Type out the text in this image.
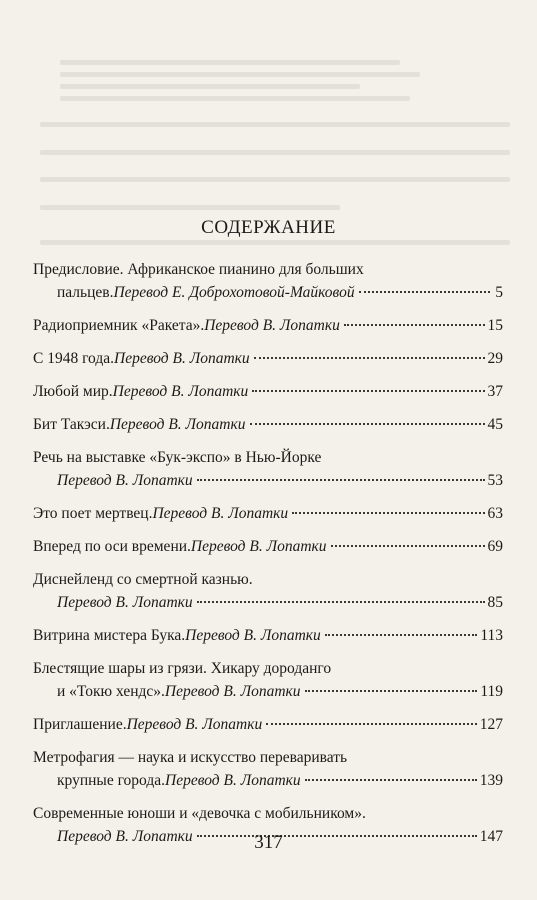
СОДЕРЖАНИЕ
Предисловие. Африканское пианино для больших
пальцев. Перевод Е. Доброхотовой-Майковой	5
Радиоприемник «Ракета». Перевод В. Лопатки	15
С 1948 года. Перевод В. Лопатки	29
Любой мир. Перевод В. Лопатки	37
Бит Такэси. Перевод В. Лопатки	45
Речь на выставке «Бук-экспо» в Нью-Йорке
Перевод В. Лопатки	53
Это поет мертвец. Перевод В. Лопатки	63
Вперед по оси времени. Перевод В. Лопатки	69
Диснейленд со смертной казнью.
Перевод В. Лопатки	85
Витрина мистера Бука. Перевод В. Лопатки	113
Блестящие шары из грязи. Хикару дороданго
и «Токю хендс». Перевод В. Лопатки	119
Приглашение. Перевод В. Лопатки	127
Метрофагия — наука и искусство переваривать
крупные города. Перевод В. Лопатки	139
Современные юноши и «девочка с мобильником».
Перевод В. Лопатки	147
317
